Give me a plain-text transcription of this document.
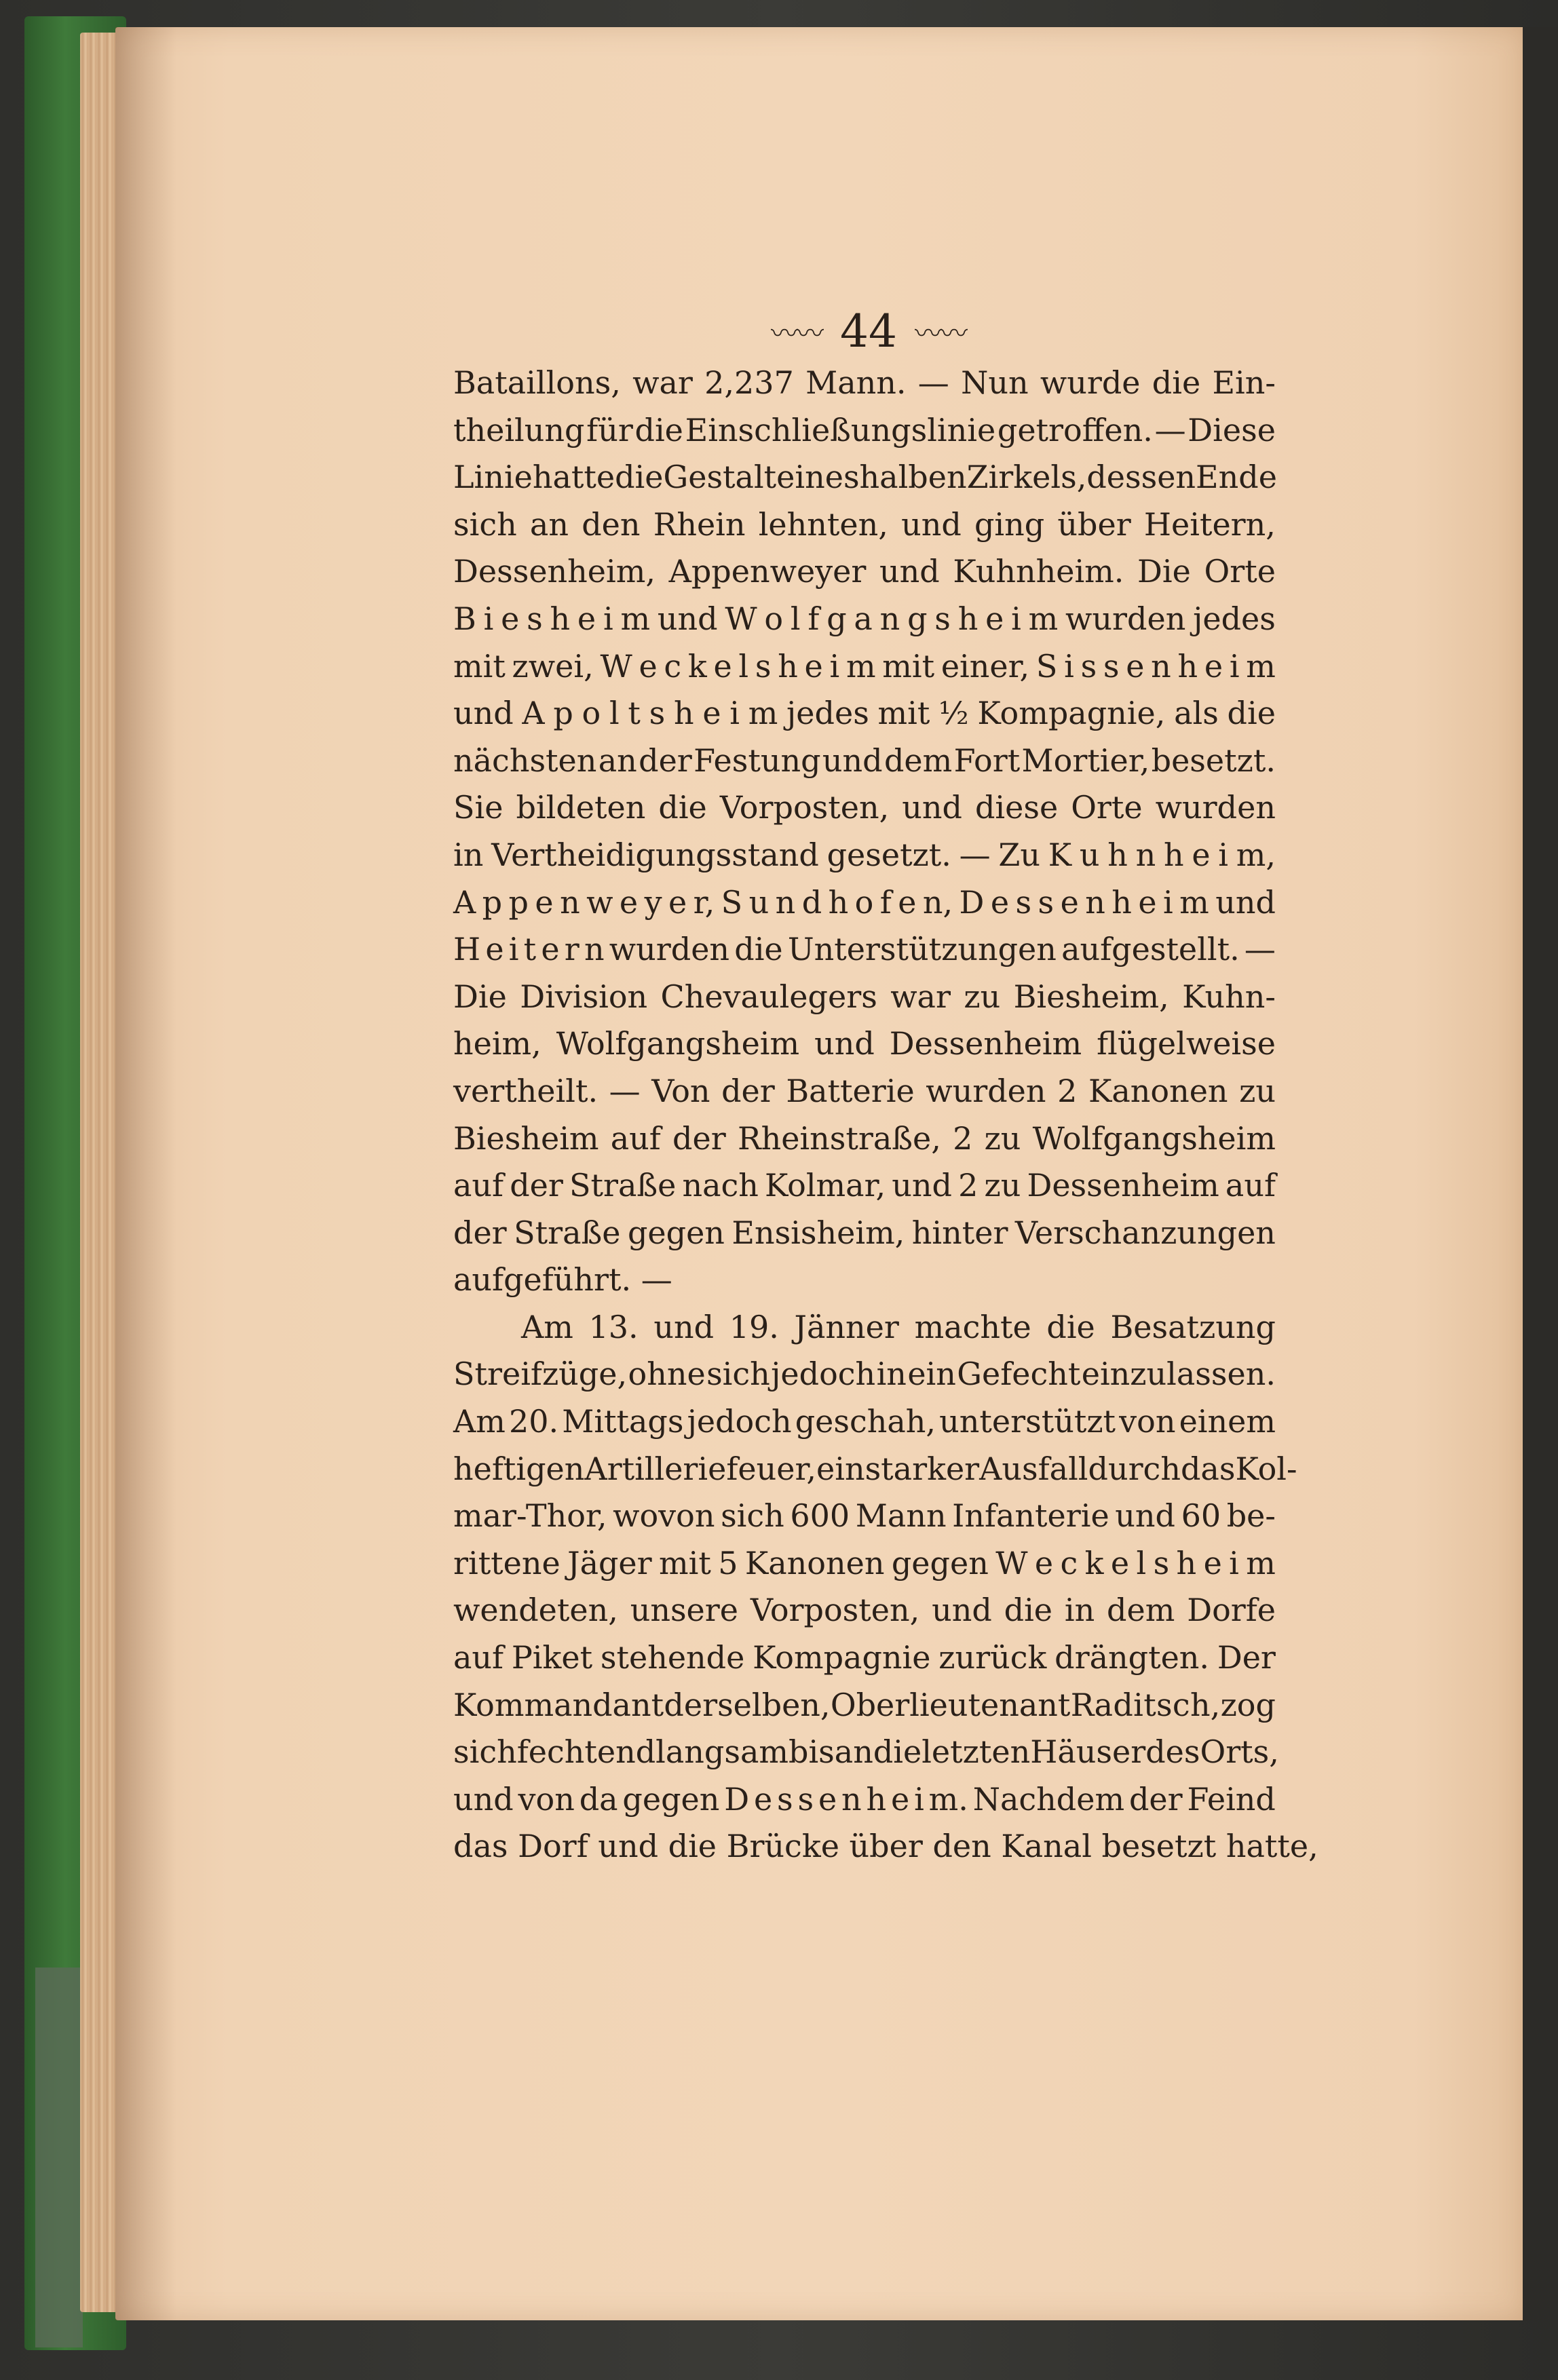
〰〰 44 〰〰
Bataillons, war 2,237 Mann. — Nun wurde die Ein-
theilung für die Einschließungslinie getroffen. — Diese
Linie hatte die Gestalt eines halben Zirkels, dessen Ende
sich an den Rhein lehnten, und ging über Heitern,
Dessenheim, Appenweyer und Kuhnheim. Die Orte
B i e s h e i m und W o l f g a n g s h e i m wurden jedes
mit zwei, W e c k e l s h e i m mit einer, S i s s e n h e i m
und A p o l t s h e i m jedes mit ½ Kompagnie, als die
nächsten an der Festung und dem Fort Mortier, besetzt.
Sie bildeten die Vorposten, und diese Orte wurden
in Vertheidigungsstand gesetzt. — Zu K u h n h e i m,
A p p e n w e y e r, S u n d h o f e n, D e s s e n h e i m und
H e i t e r n wurden die Unterstützungen aufgestellt. —
Die Division Chevaulegers war zu Biesheim, Kuhn-
heim, Wolfgangsheim und Dessenheim flügelweise
vertheilt. — Von der Batterie wurden 2 Kanonen zu
Biesheim auf der Rheinstraße, 2 zu Wolfgangsheim
auf der Straße nach Kolmar, und 2 zu Dessenheim auf
der Straße gegen Ensisheim, hinter Verschanzungen
aufgeführt. —
Am 13. und 19. Jänner machte die Besatzung
Streifzüge, ohne sich jedoch in ein Gefecht einzulassen.
Am 20. Mittags jedoch geschah, unterstützt von einem
heftigen Artilleriefeuer, ein starker Ausfall durch das Kol-
mar-Thor, wovon sich 600 Mann Infanterie und 60 be-
rittene Jäger mit 5 Kanonen gegen W e c k e l s h e i m
wendeten, unsere Vorposten, und die in dem Dorfe
auf Piket stehende Kompagnie zurück drängten. Der
Kommandant derselben, Oberlieutenant R a d i t s c h, zog
sich fechtend langsam bis an die letzten Häuser des Orts,
und von da gegen D e s s e n h e i m. Nachdem der Feind
das Dorf und die Brücke über den Kanal besetzt hatte,
